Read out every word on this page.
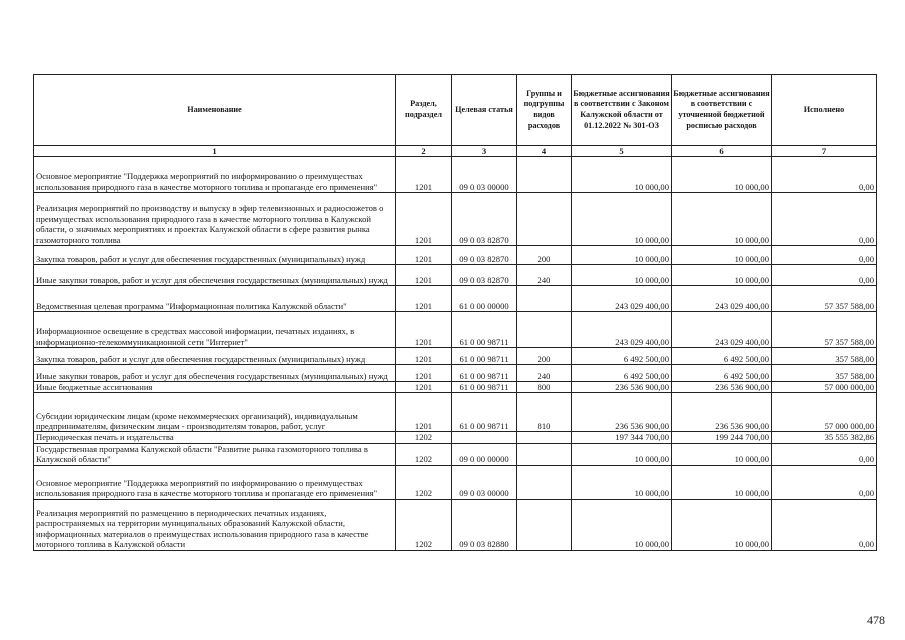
Наименование	Раздел, подраздел	Целевая статья	Группы и подгруппы видов расходов	Бюджетные ассигнования в соответствии с Законом Калужской области от 01.12.2022 № 301-ОЗ	Бюджетные ассигнования в соответствии с уточненной бюджетной росписью расходов	Исполнено
1	2	3	4	5	6	7
Основное мероприятие "Поддержка мероприятий по информированию о преимуществах использования природного газа в качестве моторного топлива и пропаганде его применения"	1201	09 0 03 00000		10 000,00	10 000,00	0,00
Реализация мероприятий по производству и выпуску в эфир телевизионных и радиосюжетов о преимуществах использования природного газа в качестве моторного топлива в Калужской области, о значимых мероприятиях и проектах Калужской области в сфере развития рынка газомоторного топлива	1201	09 0 03 82870		10 000,00	10 000,00	0,00
Закупка товаров, работ и услуг для обеспечения государственных (муниципальных) нужд	1201	09 0 03 82870	200	10 000,00	10 000,00	0,00
Иные закупки товаров, работ и услуг для обеспечения государственных (муниципальных) нужд	1201	09 0 03 82870	240	10 000,00	10 000,00	0,00
Ведомственная целевая программа "Информационная политика Калужской области"	1201	61 0 00 00000		243 029 400,00	243 029 400,00	57 357 588,00
Информационное освещение в средствах массовой информации, печатных изданиях, в информационно-телекоммуникационной сети "Интернет"	1201	61 0 00 98711		243 029 400,00	243 029 400,00	57 357 588,00
Закупка товаров, работ и услуг для обеспечения государственных (муниципальных) нужд	1201	61 0 00 98711	200	6 492 500,00	6 492 500,00	357 588,00
Иные закупки товаров, работ и услуг для обеспечения государственных (муниципальных) нужд	1201	61 0 00 98711	240	6 492 500,00	6 492 500,00	357 588,00
Иные бюджетные ассигнования	1201	61 0 00 98711	800	236 536 900,00	236 536 900,00	57 000 000,00
Субсидии юридическим лицам (кроме некоммерческих организаций), индивидуальным предпринимателям, физическим лицам - производителям товаров, работ, услуг	1201	61 0 00 98711	810	236 536 900,00	236 536 900,00	57 000 000,00
Периодическая печать и издательства	1202			197 344 700,00	199 244 700,00	35 555 382,86
Государственная программа Калужской области "Развитие рынка газомоторного топлива в Калужской области"	1202	09 0 00 00000		10 000,00	10 000,00	0,00
Основное мероприятие "Поддержка мероприятий по информированию о преимуществах использования природного газа в качестве моторного топлива и пропаганде его применения"	1202	09 0 03 00000		10 000,00	10 000,00	0,00
Реализация мероприятий по размещению в периодических печатных изданиях, распространяемых на территории муниципальных образований Калужской области, информационных материалов о преимуществах использования природного газа в качестве моторного топлива в Калужской области	1202	09 0 03 82880		10 000,00	10 000,00	0,00
478
